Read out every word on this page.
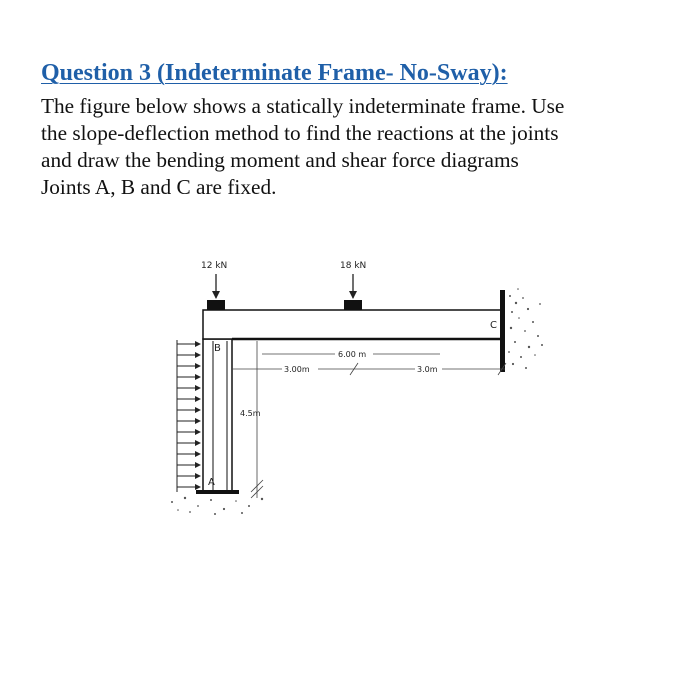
Question 3 (Indeterminate Frame- No-Sway):

The figure below shows a statically indeterminate frame. Use
the slope-deflection method to find the reactions at the joints
and draw the bending moment and shear force diagrams
Joints A, B and C are fixed.

12 kN	18 kN
B
A
C
6.00 m
3.00m	3.0m
4.5m
